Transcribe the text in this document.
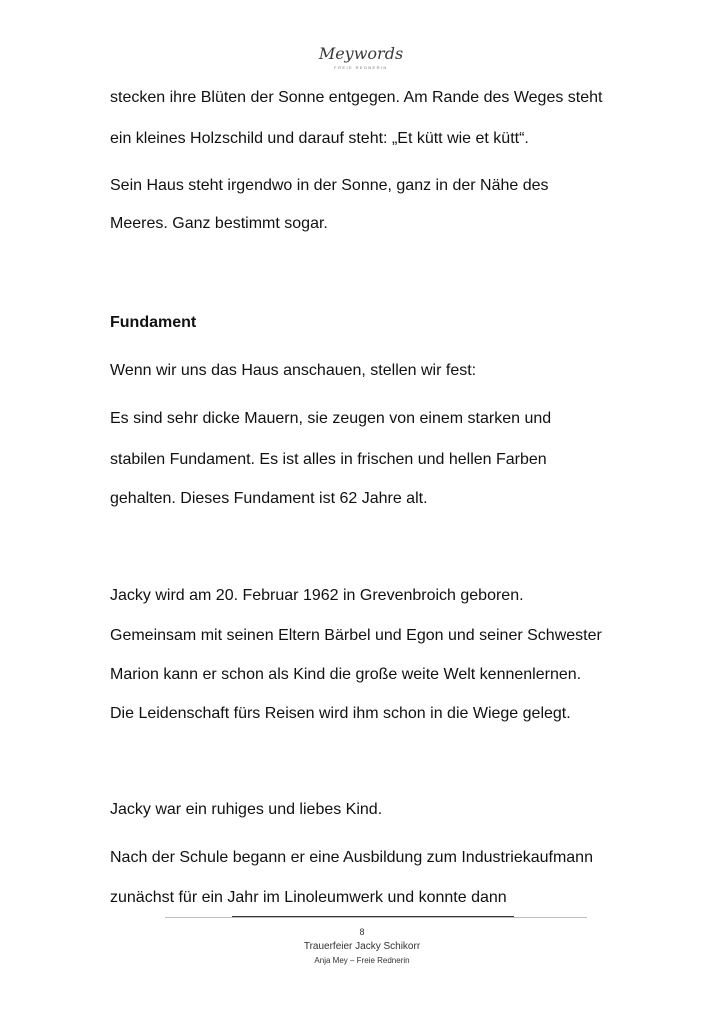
Meywords
FREIE REDNERIN
stecken ihre Blüten der Sonne entgegen. Am Rande des Weges steht
ein kleines Holzschild und darauf steht: „Et kütt wie et kütt“.
Sein Haus steht irgendwo in der Sonne, ganz in der Nähe des
Meeres. Ganz bestimmt sogar.
Fundament
Wenn wir uns das Haus anschauen, stellen wir fest:
Es sind sehr dicke Mauern, sie zeugen von einem starken und
stabilen Fundament. Es ist alles in frischen und hellen Farben
gehalten. Dieses Fundament ist 62 Jahre alt.
Jacky wird am 20. Februar 1962 in Grevenbroich geboren.
Gemeinsam mit seinen Eltern Bärbel und Egon und seiner Schwester
Marion kann er schon als Kind die große weite Welt kennenlernen.
Die Leidenschaft fürs Reisen wird ihm schon in die Wiege gelegt.
Jacky war ein ruhiges und liebes Kind.
Nach der Schule begann er eine Ausbildung zum Industriekaufmann
zunächst für ein Jahr im Linoleumwerk und konnte dann
8
Trauerfeier Jacky Schikorr
Anja Mey – Freie Rednerin
